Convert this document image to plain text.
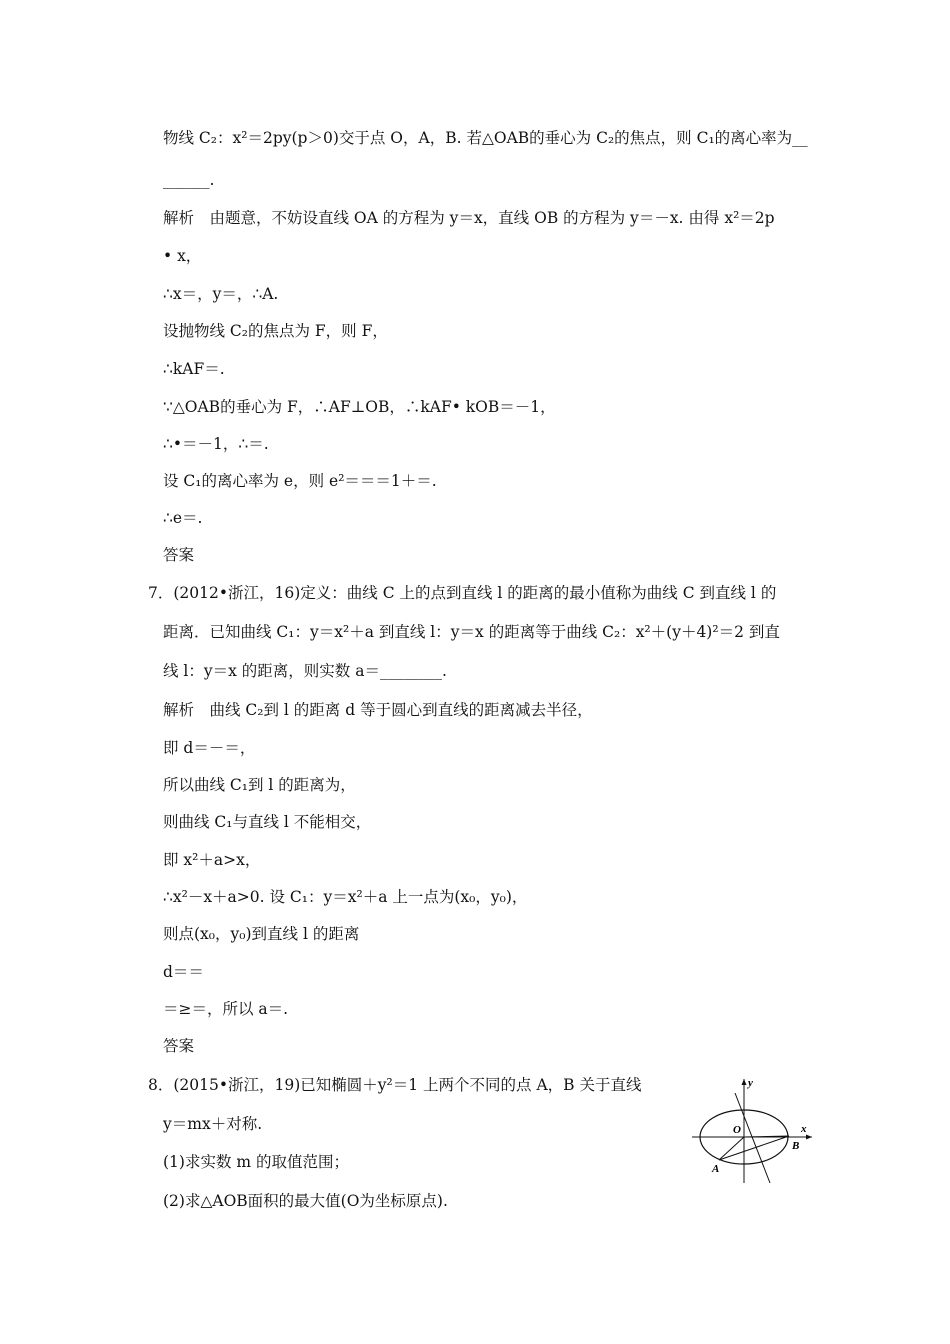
物线 C₂：x²＝2py(p＞0)交于点 O，A，B. 若△OAB的垂心为 C₂的焦点，则 C₁的离心率为__
______.
解析　由题意，不妨设直线 OA 的方程为 y＝x，直线 OB 的方程为 y＝－x. 由得 x²＝2p
• x，
∴x＝，y＝，∴A.
设抛物线 C₂的焦点为 F，则 F，
∴kAF＝.
∵△OAB的垂心为 F，∴AF⊥OB，∴kAF• kOB＝－1，
∴•＝－1，∴＝.
设 C₁的离心率为 e，则 e²＝＝＝1＋＝.
∴e＝.
答案
7．(2012•浙江，16)定义：曲线 C 上的点到直线 l 的距离的最小值称为曲线 C 到直线 l 的
距离．已知曲线 C₁：y＝x²＋a 到直线 l：y＝x 的距离等于曲线 C₂：x²＋(y＋4)²＝2 到直
线 l：y＝x 的距离，则实数 a＝________.
解析　曲线 C₂到 l 的距离 d 等于圆心到直线的距离减去半径，
即 d＝－＝，
所以曲线 C₁到 l 的距离为，
则曲线 C₁与直线 l 不能相交，
即 x²＋a>x，
∴x²－x＋a>0. 设 C₁：y＝x²＋a 上一点为(x₀，y₀)，
则点(x₀，y₀)到直线 l 的距离
d＝＝
＝≥＝，所以 a＝.
答案
8．(2015•浙江，19)已知椭圆＋y²＝1 上两个不同的点 A，B 关于直线
y＝mx＋对称.
(1)求实数 m 的取值范围；
(2)求△AOB面积的最大值(O为坐标原点).
y
x
O
A
B
